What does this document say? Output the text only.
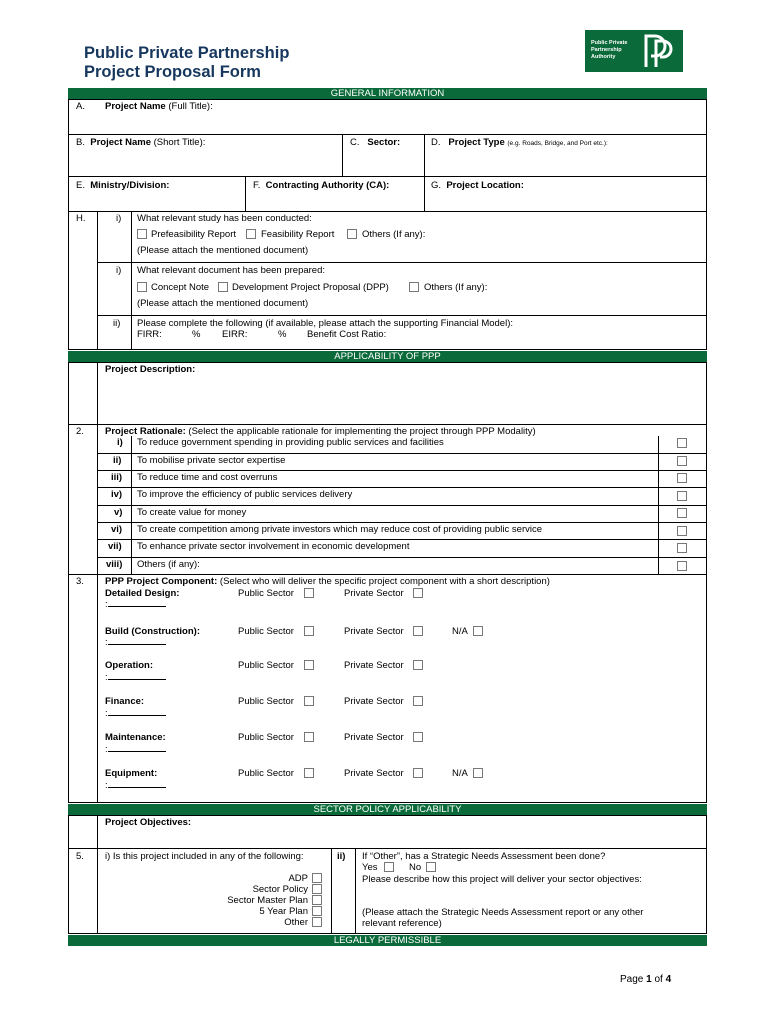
Public Private Partnership
Project Proposal Form
Public Private
Partnership
Authority
GENERAL INFORMATION
A. Project Name (Full Title):
B. Project Name (Short Title):	C. Sector:	D. Project Type (e.g. Roads, Bridge, and Port etc.):
E. Ministry/Division:	F. Contracting Authority (CA):	G. Project Location:
H.	i) What relevant study has been conducted:
Prefeasibility Report	Feasibility Report	Others (If any):
(Please attach the mentioned document)
i) What relevant document has been prepared:
Concept Note Development Project Proposal (DPP)	Others (If any):
(Please attach the mentioned document)
ii) Please complete the following (if available, please attach the supporting Financial Model):
FIRR:	% EIRR:	% Benefit Cost Ratio:
APPLICABILITY OF PPP
Project Description:
2. Project Rationale: (Select the applicable rationale for implementing the project through PPP Modality)
i) To reduce government spending in providing public services and facilities
ii) To mobilise private sector expertise
iii) To reduce time and cost overruns
iv) To improve the efficiency of public services delivery
v) To create value for money
vi) To create competition among private investors which may reduce cost of providing public service
vii) To enhance private sector involvement in economic development
viii) Others (if any):
3. PPP Project Component: (Select who will deliver the specific project component with a short description)
Detailed Design:
:
Public Sector	Private Sector
Build (Construction):
:
Public Sector	Private Sector	N/A
Operation:
:
Public Sector	Private Sector
Finance:
:
Public Sector	Private Sector
Maintenance:
:
Public Sector	Private Sector
Equipment:
:
Public Sector	Private Sector	N/A
SECTOR POLICY APPLICABILITY
Project Objectives:
5. i) Is this project included in any of the following:
ADP
Sector Policy
Sector Master Plan
5 Year Plan
Other
ii) If “Other”, has a Strategic Needs Assessment been done?
Yes	No
Please describe how this project will deliver your sector objectives:
(Please attach the Strategic Needs Assessment report or any other
relevant reference)
LEGALLY PERMISSIBLE
Page 1 of 4
